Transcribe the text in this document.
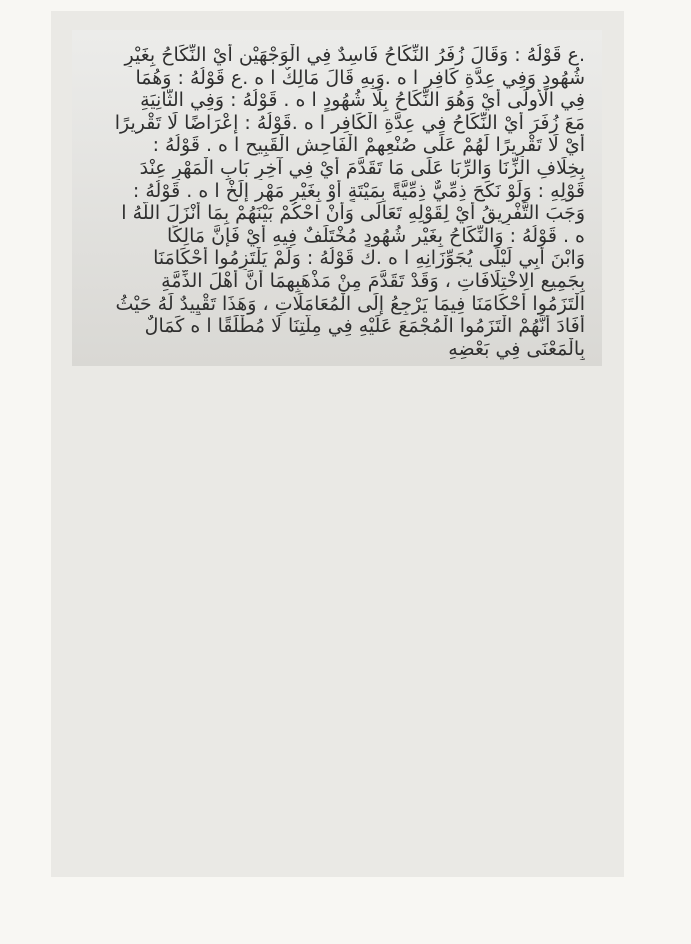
.ع قَوْلُهُ : وَقَالَ زُفَرُ النِّكَاحُ فَاسِدٌ فِي الْوَجْهَيْنِ أَيْ النِّكَاحُ بِغَيْرِ
شُهُودٍ وَفِي عِدَّةِ كَافِرٍ ا ه .وَبِهِ قَالَ مَالِكٌ ا ه .ع قَوْلُهُ : وَهُمَا
فِي الْأُولَى أَيْ وَهُوَ النِّكَاحُ بِلَا شُهُودٍ ا ه . قَوْلُهُ : وَفِي الثَّانِيَةِ
مَعَ زُفَرَ أَيْ النِّكَاحُ فِي عِدَّةِ الْكَافِرِ ا ه .قَوْلُهُ : إعْرَاضًا لَا تَقْرِيرًا
أَيْ لَا تَقْرِيرًا لَهُمْ عَلَى صُنْعِهِمْ الْفَاحِشِ الْقَبِيحِ ا ه . قَوْلُهُ :
بِخِلَافِ الزِّنَا وَالرِّبَا عَلَى مَا تَقَدَّمَ أَيْ فِي آخِرِ بَابِ الْمَهْرِ عِنْدَ
قَوْلِهِ : وَلَوْ نَكَحَ ذِمِّيٌّ ذِمِّيَّةً بِمَيْتَةٍ أَوْ بِغَيْرِ مَهْرٍ إلَخْ ا ه . قَوْلُهُ :
وَجَبَ التَّفْرِيقُ أَيْ لِقَوْلِهِ تَعَالَى وَأَنْ احْكُمْ بَيْنَهُمْ بِمَا أَنْزَلَ اللَّهُ ا
ه . قَوْلُهُ : وَالنِّكَاحُ بِغَيْرِ شُهُودٍ مُخْتَلَفٌ فِيهِ أَيْ فَإِنَّ مَالِكًا
وَابْنَ أَبِي لَيْلَى يُجَوِّزَانِهِ ا ه .ك قَوْلُهُ : وَلَمْ يَلْتَزِمُوا أَحْكَامَنَا
بِجَمِيعِ الِاخْتِلَافَاتِ ، وَقَدْ تَقَدَّمَ مِنْ مَذْهَبِهِمَا أَنَّ أَهْلَ الذِّمَّةِ
الْتَزَمُوا أَحْكَامَنَا فِيمَا يَرْجِعُ إلَى الْمُعَامَلَاتِ ، وَهَذَا تَقْيِيدٌ لَهُ حَيْثُ
أَفَادَ أَنَّهُمْ الْتَزَمُوا الْمُجْمَعَ عَلَيْهِ فِي مِلَّتِنَا لَا مُطْلَقًا ا ه كَمَالٌ
بِالْمَعْنَى فِي بَعْضِهِ
